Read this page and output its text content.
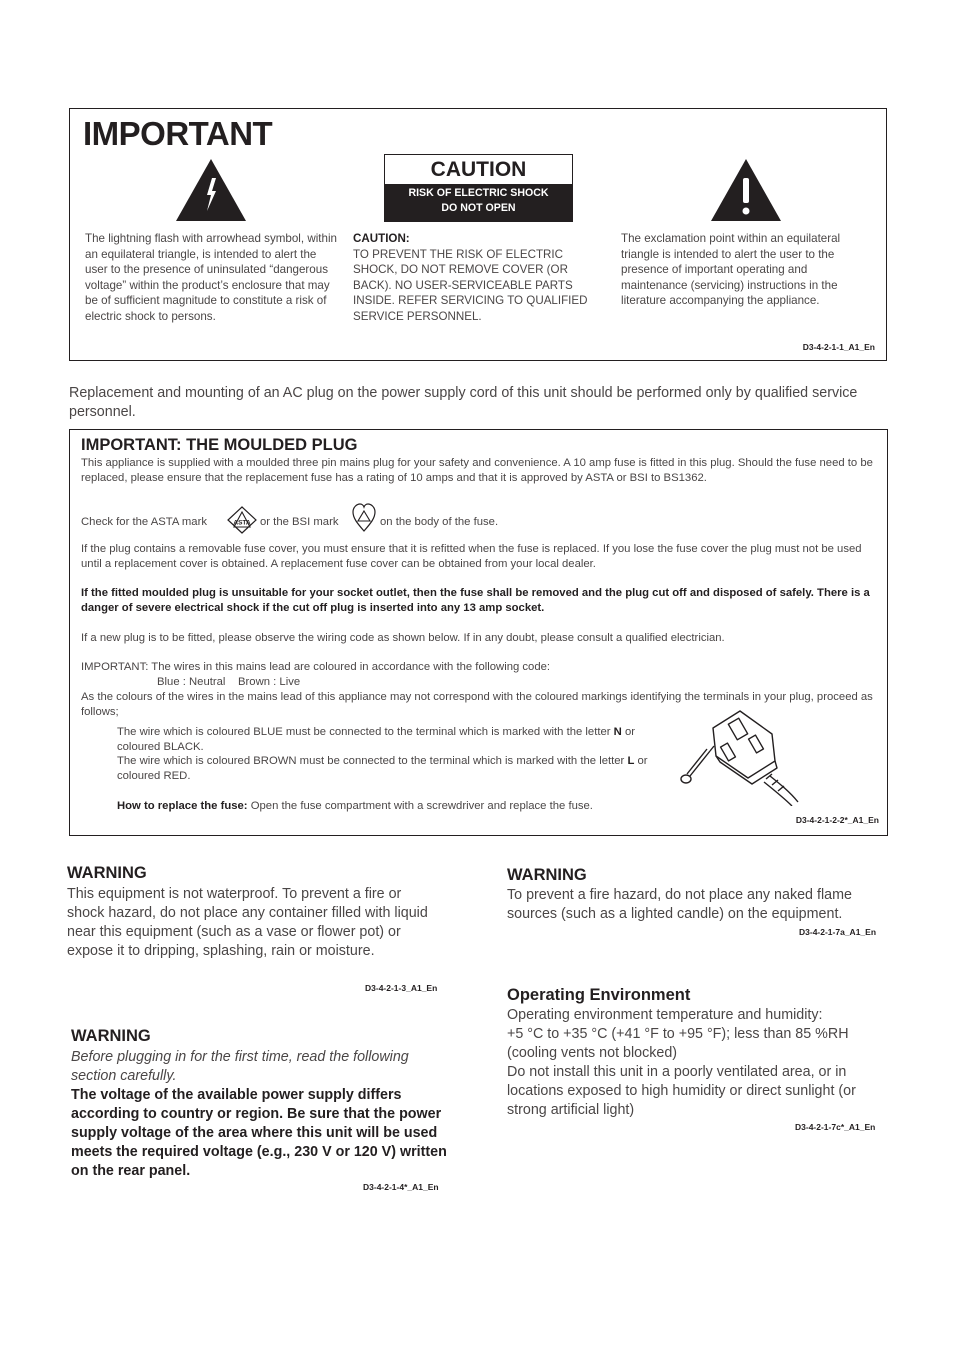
IMPORTANT
The lightning flash with arrowhead symbol, within an equilateral triangle, is intended to alert the user to the presence of uninsulated “dangerous voltage” within the product’s enclosure that may be of sufficient magnitude to constitute a risk of electric shock to persons.
CAUTION
RISK OF ELECTRIC SHOCK
DO NOT OPEN
CAUTION:
TO PREVENT THE RISK OF ELECTRIC SHOCK, DO NOT REMOVE COVER (OR BACK). NO USER-SERVICEABLE PARTS INSIDE. REFER SERVICING TO QUALIFIED SERVICE PERSONNEL.
The exclamation point within an equilateral triangle is intended to alert the user to the presence of important operating and maintenance (servicing) instructions in the literature accompanying the appliance.
D3-4-2-1-1_A1_En
Replacement and mounting of an AC plug on the power supply cord of this unit should be performed only by qualified service personnel.
IMPORTANT: THE MOULDED PLUG
This appliance is supplied with a moulded three pin mains plug for your safety and convenience. A 10 amp fuse is fitted in this plug. Should the fuse need to be replaced, please ensure that the replacement fuse has a rating of 10 amps and that it is approved by ASTA or BSI to BS1362.
Check for the ASTA mark	ASTA or the BSI mark	on the body of the fuse.
If the plug contains a removable fuse cover, you must ensure that it is refitted when the fuse is replaced. If you lose the fuse cover the plug must not be used until a replacement cover is obtained. A replacement fuse cover can be obtained from your local dealer.
If the fitted moulded plug is unsuitable for your socket outlet, then the fuse shall be removed and the plug cut off and disposed of safely. There is a danger of severe electrical shock if the cut off plug is inserted into any 13 amp socket.
If a new plug is to be fitted, please observe the wiring code as shown below. If in any doubt, please consult a qualified electrician.
IMPORTANT: The wires in this mains lead are coloured in accordance with the following code:
Blue : Neutral    Brown : Live
As the colours of the wires in the mains lead of this appliance may not correspond with the coloured markings identifying the terminals in your plug, proceed as follows;
The wire which is coloured BLUE must be connected to the terminal which is marked with the letter N or coloured BLACK.
The wire which is coloured BROWN must be connected to the terminal which is marked with the letter L or coloured RED.
How to replace the fuse: Open the fuse compartment with a screwdriver and replace the fuse.
D3-4-2-1-2-2*_A1_En
WARNING
This equipment is not waterproof. To prevent a fire or shock hazard, do not place any container filled with liquid near this equipment (such as a vase or flower pot) or expose it to dripping, splashing, rain or moisture.
D3-4-2-1-3_A1_En
WARNING
Before plugging in for the first time, read the following section carefully.
The voltage of the available power supply differs according to country or region. Be sure that the power supply voltage of the area where this unit will be used meets the required voltage (e.g., 230 V or 120 V) written on the rear panel.
D3-4-2-1-4*_A1_En
WARNING
To prevent a fire hazard, do not place any naked flame sources (such as a lighted candle) on the equipment.
D3-4-2-1-7a_A1_En
Operating Environment
Operating environment temperature and humidity:
+5 °C to +35 °C (+41 °F to +95 °F); less than 85 %RH (cooling vents not blocked)
Do not install this unit in a poorly ventilated area, or in locations exposed to high humidity or direct sunlight (or strong artificial light)
D3-4-2-1-7c*_A1_En
